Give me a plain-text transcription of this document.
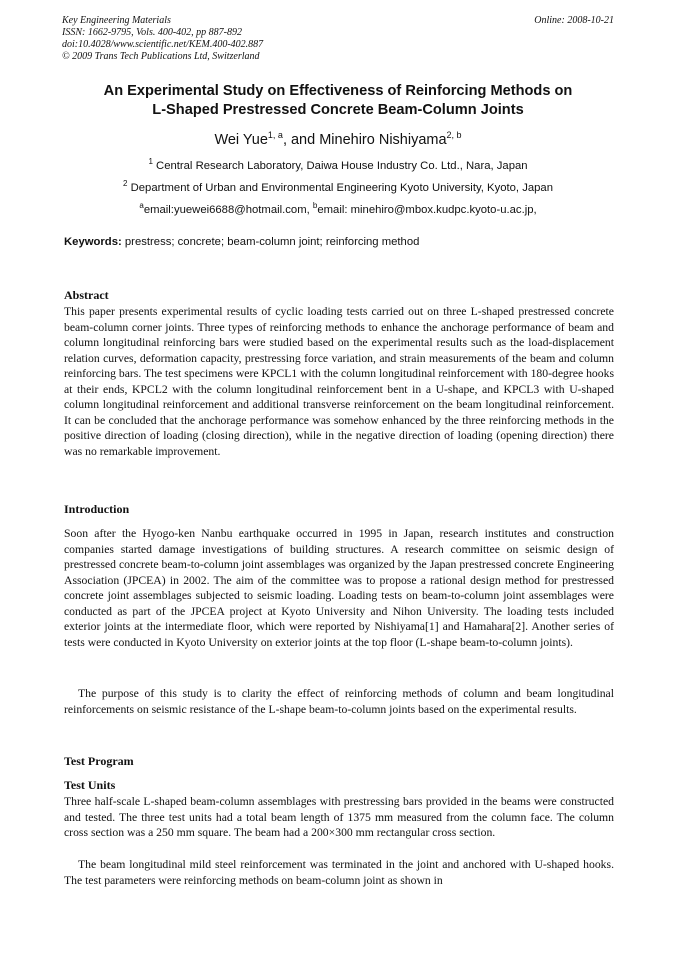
Key Engineering Materials
ISSN: 1662-9795, Vols. 400-402, pp 887-892
doi:10.4028/www.scientific.net/KEM.400-402.887
© 2009 Trans Tech Publications Ltd, Switzerland
Online: 2008-10-21
An Experimental Study on Effectiveness of Reinforcing Methods on
L-Shaped Prestressed Concrete Beam-Column Joints
Wei Yue$^{1, a}$, and Minehiro Nishiyama$^{2, b}$
$^1$ Central Research Laboratory, Daiwa House Industry Co. Ltd., Nara, Japan
$^2$ Department of Urban and Environmental Engineering Kyoto University, Kyoto, Japan
$^a$email:yuewei6688@hotmail.com, $^b$email: minehiro@mbox.kudpc.kyoto-u.ac.jp,
Keywords: prestress; concrete; beam-column joint; reinforcing method
Abstract

This paper presents experimental results of cyclic loading tests carried out on three L-shaped prestressed concrete beam-column corner joints. Three types of reinforcing methods to enhance the anchorage performance of beam and column longitudinal reinforcing bars were studied based on the experimental results such as the load-displacement relation curves, deformation capacity, prestressing force variation, and strain measurements of the beam and column reinforcing bars. The test specimens were KPCL1 with the column longitudinal reinforcement with 180-degree hooks at their ends, KPCL2 with the column longitudinal reinforcement bent in a U-shape, and KPCL3 with U-shaped column longitudinal reinforcement and additional transverse reinforcement on the beam longitudinal reinforcement. It can be concluded that the anchorage performance was somehow enhanced by the three reinforcing methods in the positive direction of loading (closing direction), while in the negative direction of loading (opening direction) there was no remarkable improvement.

Introduction

Soon after the Hyogo-ken Nanbu earthquake occurred in 1995 in Japan, research institutes and construction companies started damage investigations of building structures. A research committee on seismic design of prestressed concrete beam-to-column joint assemblages was organized by the Japan prestressed concrete Engineering Association (JPCEA) in 2002. The aim of the committee was to propose a rational design method for prestressed concrete joint assemblages subjected to seismic loading. Loading tests on beam-to-column joint assemblages were conducted as part of the JPCEA project at Kyoto University and Nihon University. The loading tests included exterior joints at the intermediate floor, which were reported by Nishiyama[1] and Hamahara[2]. Another series of tests were conducted in Kyoto University on exterior joints at the top floor (L-shape beam-to-column joints).

The purpose of this study is to clarity the effect of reinforcing methods of column and beam longitudinal reinforcements on seismic resistance of the L-shape beam-to-column joints based on the experimental results.

Test Program
Test Units

Three half-scale L-shaped beam-column assemblages with prestressing bars provided in the beams were constructed and tested. The three test units had a total beam length of 1375 mm measured from the column face. The column cross section was a 250 mm square. The beam had a 200×300 mm rectangular cross section.

The beam longitudinal mild steel reinforcement was terminated in the joint and anchored with U-shaped hooks. The test parameters were reinforcing methods on beam-column joint as shown in
